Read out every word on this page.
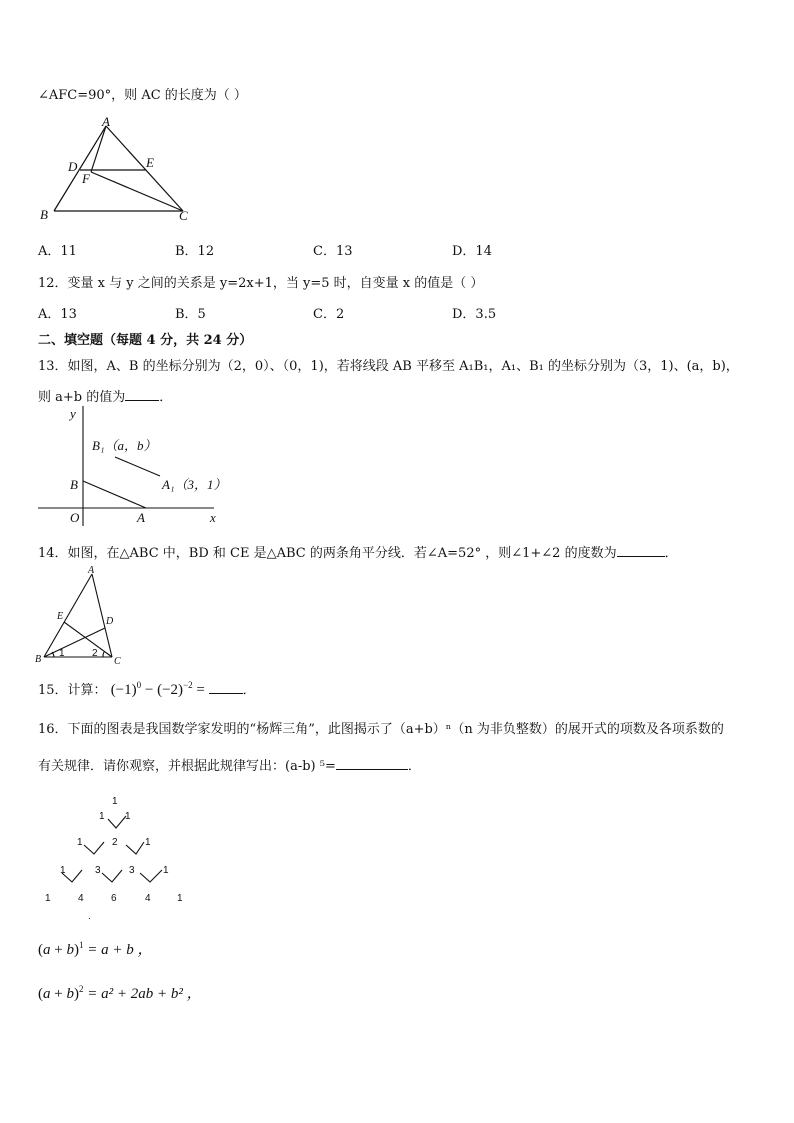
∠AFC=90°，则 AC 的长度为（ ）
A
B	C
D	E
F
A．11	B．12	C．13	D．14
12．变量 x 与 y 之间的关系是 y=2x+1，当 y=5 时，自变量 x 的值是（ ）
A．13	B．5	C．2	D．3.5
二、填空题（每题 4 分，共 24 分）
13．如图，A、B 的坐标分别为（2，0）、（0，1)，若将线段 AB 平移至 A₁B₁，A₁、B₁ 的坐标分别为（3，1)、(a，b)，
则 a+b 的值为	．
y
x
O	A
B
B₁（a，b）
A₁（3，1）
14．如图，在△ABC 中，BD 和 CE 是△ABC 的两条角平分线．若∠A=52° ，则∠1+∠2 的度数为	．
A
B	C
D
E
1	2
15．计算： $(-1)^0 - (-2)^{-2}$ =	．
16．下面的图表是我国数学家发明的“杨辉三角”，此图揭示了（a+b）ⁿ（n 为非负整数）的展开式的项数及各项系数的
有关规律．请你观察，并根据此规律写出：(a-b) ⁵=	．
1
1 1
1	2	1
1	3	3	1
1	4	6	4	1
.
$(a + b)^1 = a + b$ ，
$(a + b)^2 = a^2 + 2ab + b^2$ ，
